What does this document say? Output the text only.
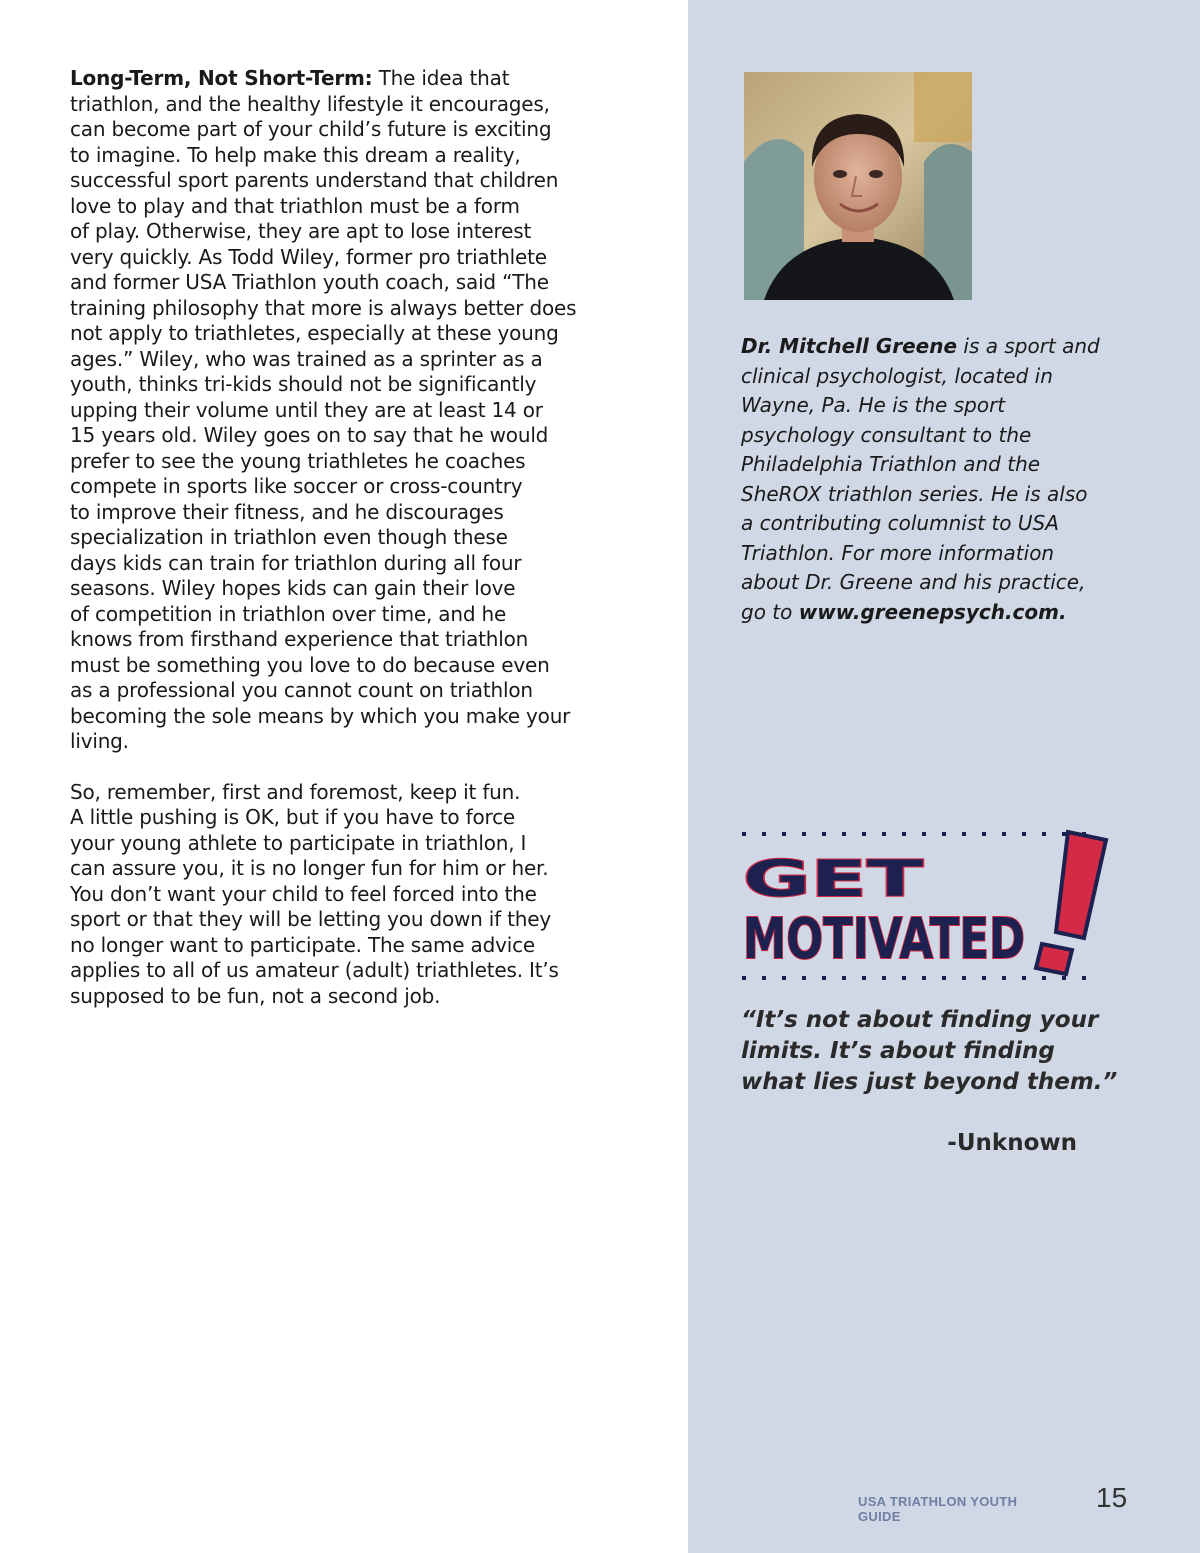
Long-Term, Not Short-Term: The idea that
triathlon, and the healthy lifestyle it encourages,
can become part of your child’s future is exciting
to imagine. To help make this dream a reality,
successful sport parents understand that children
love to play and that triathlon must be a form
of play. Otherwise, they are apt to lose interest
very quickly. As Todd Wiley, former pro triathlete
and former USA Triathlon youth coach, said “The
training philosophy that more is always better does
not apply to triathletes, especially at these young
ages.” Wiley, who was trained as a sprinter as a
youth, thinks tri-kids should not be significantly
upping their volume until they are at least 14 or
15 years old. Wiley goes on to say that he would
prefer to see the young triathletes he coaches
compete in sports like soccer or cross-country
to improve their fitness, and he discourages
specialization in triathlon even though these
days kids can train for triathlon during all four
seasons. Wiley hopes kids can gain their love
of competition in triathlon over time, and he
knows from firsthand experience that triathlon
must be something you love to do because even
as a professional you cannot count on triathlon
becoming the sole means by which you make your
living.

So, remember, first and foremost, keep it fun.
A little pushing is OK, but if you have to force
your young athlete to participate in triathlon, I
can assure you, it is no longer fun for him or her.
You don’t want your child to feel forced into the
sport or that they will be letting you down if they
no longer want to participate. The same advice
applies to all of us amateur (adult) triathletes. It’s
supposed to be fun, not a second job.

Dr. Mitchell Greene is a sport and clinical psychologist, located in Wayne, Pa. He is the sport psychology consultant to the Philadelphia Triathlon and the SheROX triathlon series. He is also a contributing columnist to USA Triathlon. For more information about Dr. Greene and his practice, go to www.greenepsych.com.
GET
MOTIVATED
“It’s not about finding your limits. It’s about finding what lies just beyond them.”
-Unknown
USA TRIATHLON YOUTH GUIDE
15
